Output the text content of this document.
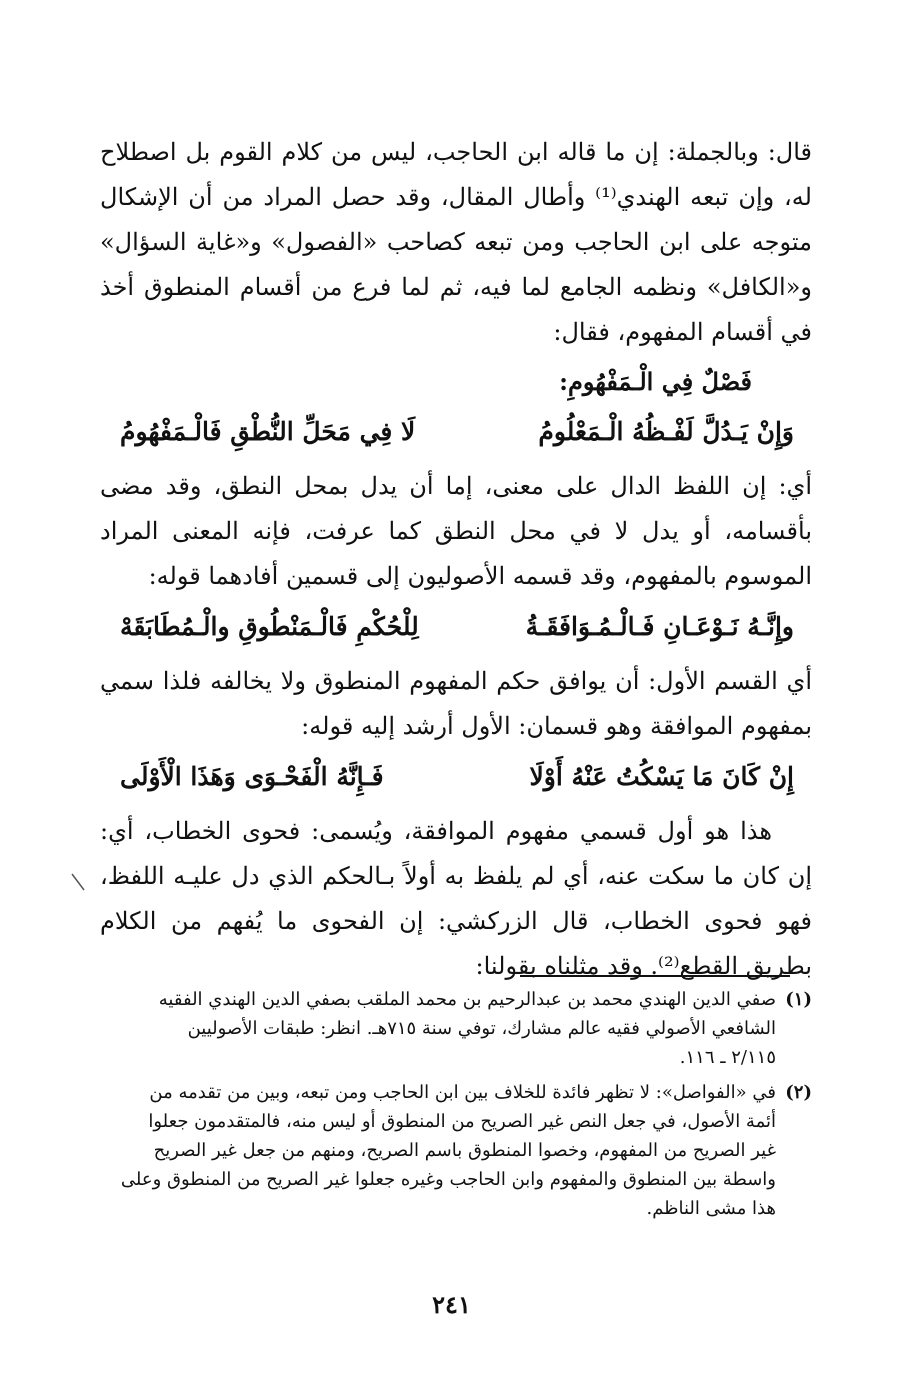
قال: وبالجملة: إن ما قاله ابن الحاجب، ليس من كلام القوم بل اصطلاح له، وإن تبعه الهندي⁽¹⁾ وأطال المقال، وقد حصل المراد من أن الإشكال متوجه على ابن الحاجب ومن تبعه كصاحب «الفصول» و«غاية السؤال» و«الكافل» ونظمه الجامع لما فيه، ثم لما فرع من أقسام المنطوق أخذ في أقسام المفهوم، فقال:

فَصْلٌ فِي الْـمَفْهُومِ:

وَإِنْ يَـدُلَّ لَفْـظُهُ الْـمَعْلُومُ
لَا فِي مَحَلِّ النُّطْقِ فَالْـمَفْهُومُ

أي: إن اللفظ الدال على معنى، إما أن يدل بمحل النطق، وقد مضى بأقسامه، أو يدل لا في محل النطق كما عرفت، فإنه المعنى المراد الموسوم بالمفهوم، وقد قسمه الأصوليون إلى قسمين أفادهما قوله:

وإِنَّـهُ نَـوْعَـانِ فَـالْـمُـوَافَقَـةُ
لِلْحُكْمِ فَالْـمَنْطُوقِ والْـمُطَابَقَهْ

أي القسم الأول: أن يوافق حكم المفهوم المنطوق ولا يخالفه فلذا سمي بمفهوم الموافقة وهو قسمان: الأول أرشد إليه قوله:

إِنْ كَانَ مَا يَسْكُتُ عَنْهُ أَوْلَا
فَـإِنَّهُ الْفَحْـوَى وَهَذَا الْأَوْلَى

هذا هو أول قسمي مفهوم الموافقة، ويُسمى: فحوى الخطاب، أي: إن كان ما سكت عنه، أي لم يلفظ به أولاً بـالحكم الذي دل عليـه اللفظ، فهو فحوى الخطاب، قال الزركشي: إن الفحوى ما يُفهم من الكلام بطريق القطع⁽²⁾. وقد مثلناه بقولنا:

(١)
صفي الدين الهندي محمد بن عبدالرحيم بن محمد الملقب بصفي الدين الهندي الفقيه
الشافعي الأصولي فقيه عالم مشارك، توفي سنة ٧١٥هـ. انظر: طبقات الأصوليين
٢/١١٥ ـ ١١٦.
(٢)
في «الفواصل»: لا تظهر فائدة للخلاف بين ابن الحاجب ومن تبعه، وبين من تقدمه من
أئمة الأصول، في جعل النص غير الصريح من المنطوق أو ليس منه، فالمتقدمون جعلوا
غير الصريح من المفهوم، وخصوا المنطوق باسم الصريح، ومنهم من جعل غير الصريح
واسطة بين المنطوق والمفهوم وابن الحاجب وغيره جعلوا غير الصريح من المنطوق وعلى
هذا مشى الناظم.
٢٤١
